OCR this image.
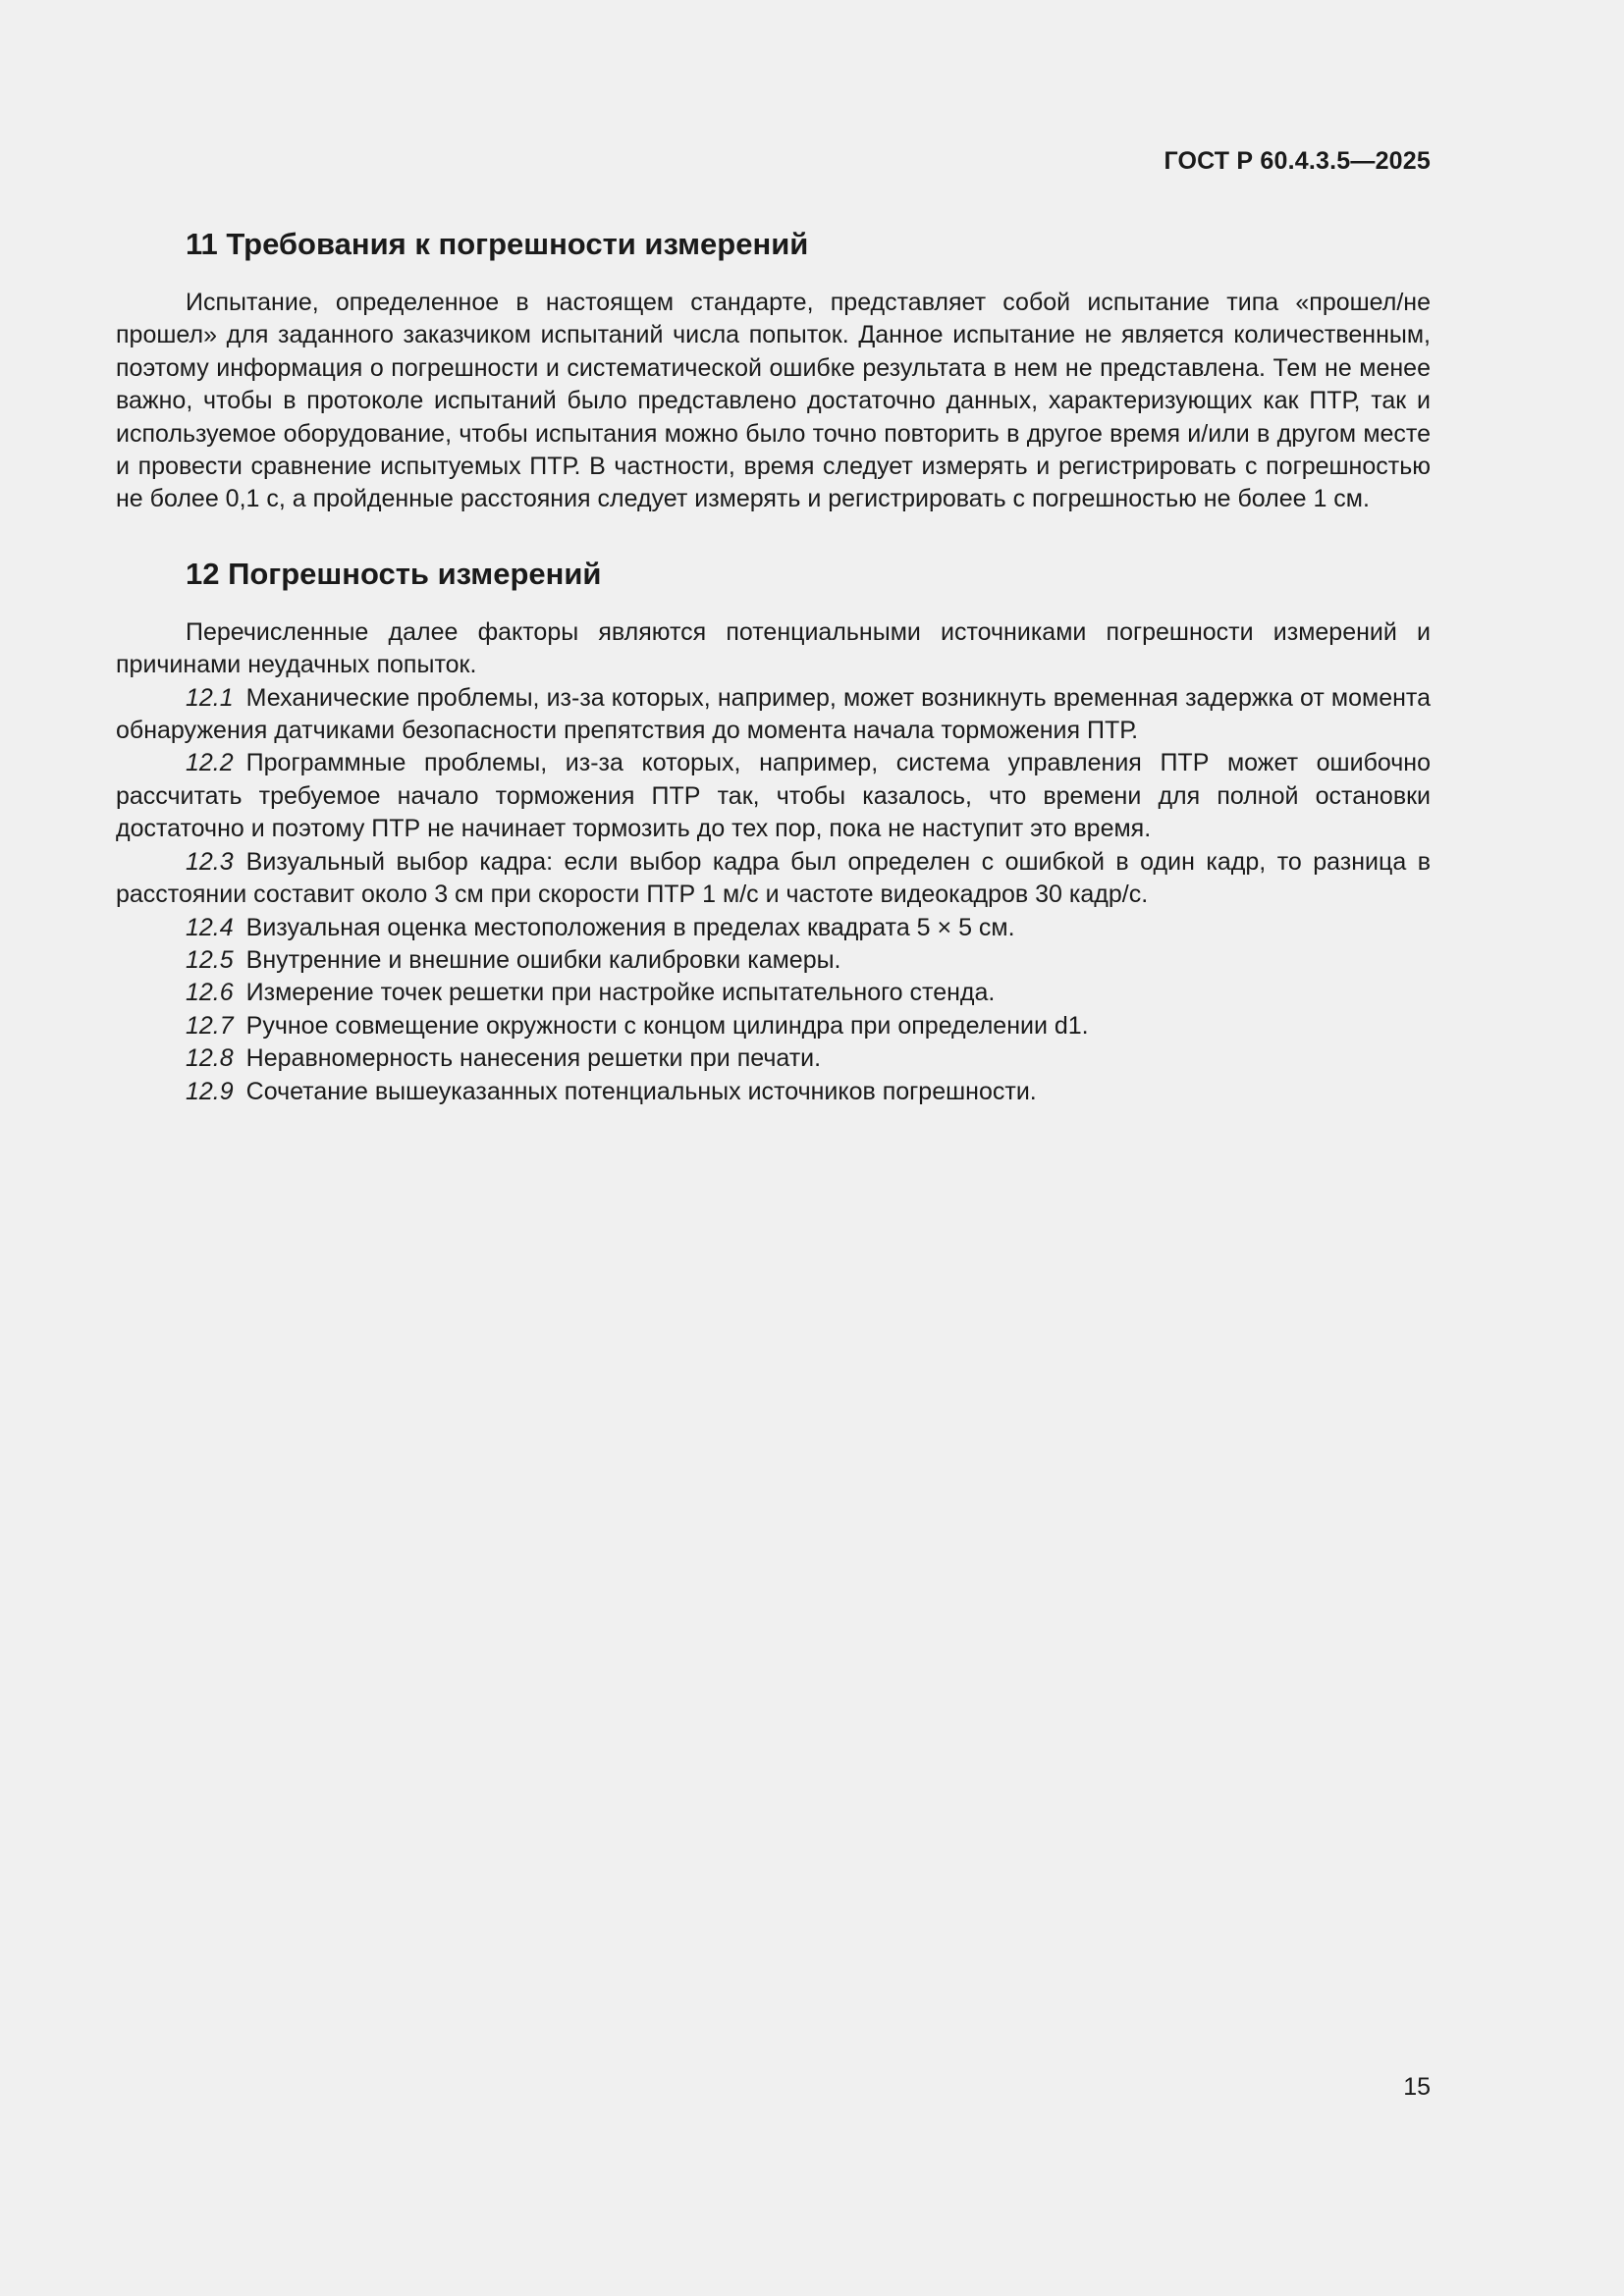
ГОСТ Р 60.4.3.5—2025
11 Требования к погрешности измерений

Испытание, определенное в настоящем стандарте, представляет собой испытание типа «прошел/не прошел» для заданного заказчиком испытаний числа попыток. Данное испытание не является количественным, поэтому информация о погрешности и систематической ошибке результата в нем не представлена. Тем не менее важно, чтобы в протоколе испытаний было представлено достаточно данных, характеризующих как ПТР, так и используемое оборудование, чтобы испытания можно было точно повторить в другое время и/или в другом месте и провести сравнение испытуемых ПТР. В частности, время следует измерять и регистрировать с погрешностью не более 0,1 с, а пройденные расстояния следует измерять и регистрировать с погрешностью не более 1 см.

12 Погрешность измерений

Перечисленные далее факторы являются потенциальными источниками погрешности измерений и причинами неудачных попыток.

12.1 Механические проблемы, из-за которых, например, может возникнуть временная задержка от момента обнаружения датчиками безопасности препятствия до момента начала торможения ПТР.

12.2 Программные проблемы, из-за которых, например, система управления ПТР может ошибочно рассчитать требуемое начало торможения ПТР так, чтобы казалось, что времени для полной остановки достаточно и поэтому ПТР не начинает тормозить до тех пор, пока не наступит это время.

12.3 Визуальный выбор кадра: если выбор кадра был определен с ошибкой в один кадр, то разница в расстоянии составит около 3 см при скорости ПТР 1 м/с и частоте видеокадров 30 кадр/с.

12.4 Визуальная оценка местоположения в пределах квадрата 5 × 5 см.

12.5 Внутренние и внешние ошибки калибровки камеры.

12.6 Измерение точек решетки при настройке испытательного стенда.

12.7 Ручное совмещение окружности с концом цилиндра при определении d1.

12.8 Неравномерность нанесения решетки при печати.

12.9 Сочетание вышеуказанных потенциальных источников погрешности.

15
